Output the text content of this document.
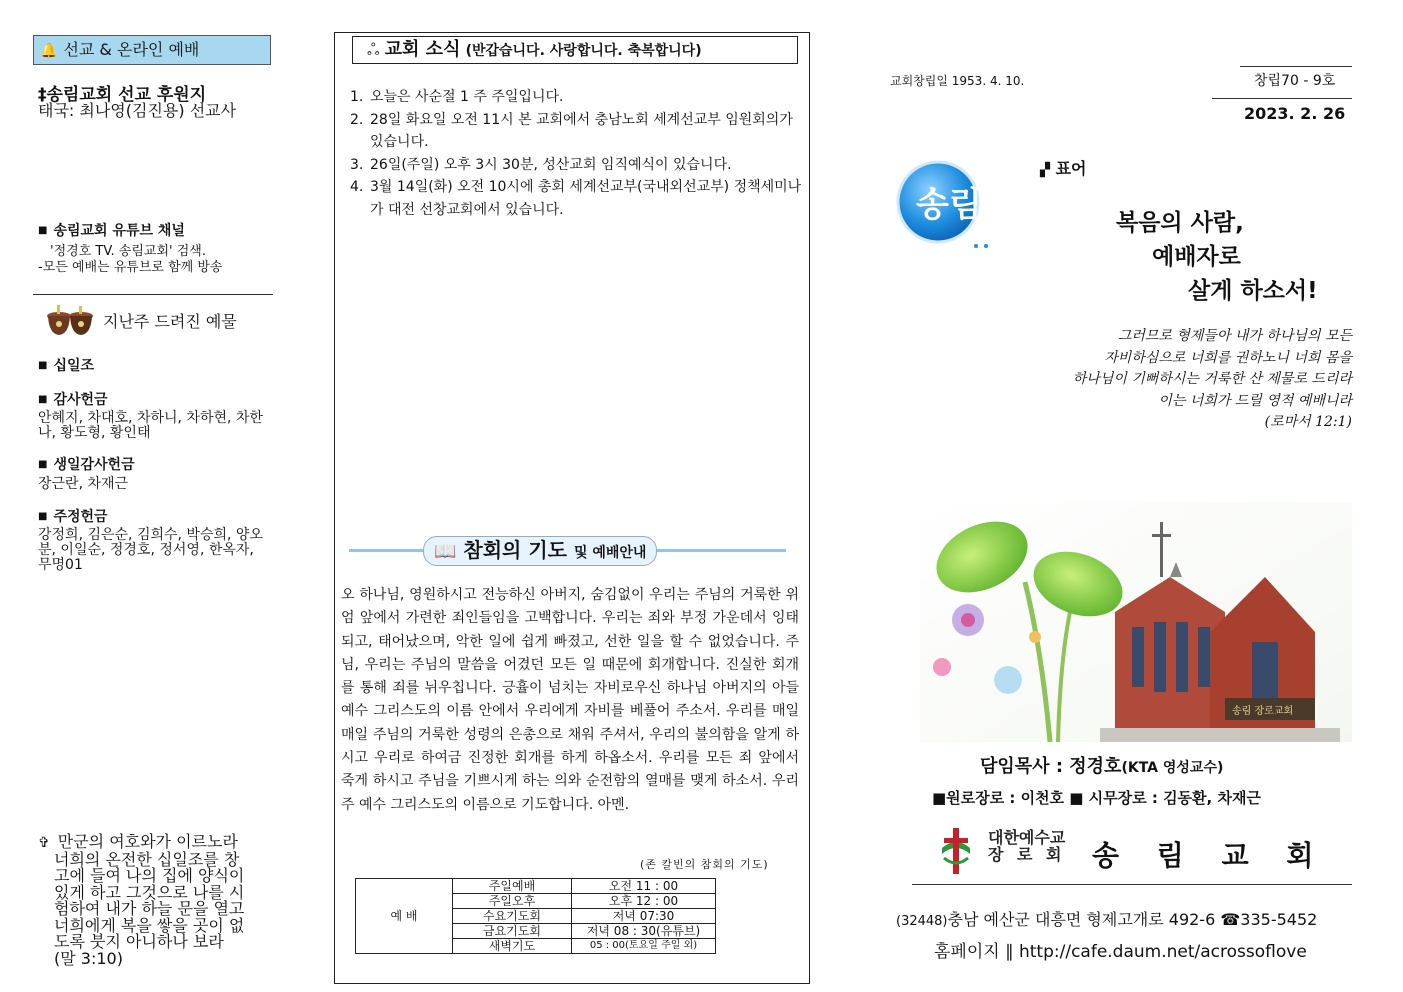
🔔 선교 & 온라인 예배
‡송림교회 선교 후원지
태국: 최나영(김진용) 선교사
■ 송림교회 유튜브 채널
'정경호 TV. 송림교회' 검색.
-모든 예배는 유튜브로 함께 방송
지난주 드려진 예물
■ 십일조
■ 감사헌금
안혜지, 차대호, 차하니, 차하현, 차한나, 황도형, 황인태
■ 생일감사헌금
장근란, 차재근
■ 주정헌금
강정희, 김은순, 김희수, 박승희, 양오분, 이일순, 정경호, 정서영, 한옥자, 무명01
✞ 만군의 여호와가 이르노라
너희의 온전한 십일조를 창
고에 들여 나의 집에 양식이
있게 하고 그것으로 나를 시
험하여 내가 하늘 문을 열고
너희에게 복을 쌓을 곳이 없
도록 붓지 아니하나 보라
(말 3:10)
ஃ 교회 소식 (반갑습니다. 사랑합니다. 축복합니다)
1. 오늘은 사순절 1 주 주일입니다.
2. 28일 화요일 오전 11시 본 교회에서 충남노회 세계선교부 임원회의가 있습니다.
3. 26일(주일) 오후 3시 30분, 성산교회 임직예식이 있습니다.
4. 3월 14일(화) 오전 10시에 총회 세계선교부(국내외선교부) 정책세미나가 대전 선창교회에서 있습니다.
📖 참회의 기도 및 예배안내
오 하나님, 영원하시고 전능하신 아버지, 숨김없이 우리는 주님의 거룩한 위엄 앞에서 가련한 죄인들임을 고백합니다. 우리는 죄와 부정 가운데서 잉태되고, 태어났으며, 악한 일에 쉽게 빠졌고, 선한 일을 할 수 없었습니다. 주님, 우리는 주님의 말씀을 어겼던 모든 일 때문에 회개합니다. 진실한 회개를 통해 죄를 뉘우칩니다. 긍휼이 넘치는 자비로우신 하나님 아버지의 아들 예수 그리스도의 이름 안에서 우리에게 자비를 베풀어 주소서. 우리를 매일매일 주님의 거룩한 성령의 은총으로 채워 주셔서, 우리의 불의함을 알게 하시고 우리로 하여금 진정한 회개를 하게 하옵소서. 우리를 모든 죄 앞에서 죽게 하시고 주님을 기쁘시게 하는 의와 순전함의 열매를 맺게 하소서. 우리 주 예수 그리스도의 이름으로 기도합니다. 아멘.
(존 칼빈의 참회의 기도)
예 배	주일예배	오전 11 : 00
	주일오후	오후 12 : 00
	수요기도회	저녁 07:30
	금요기도회	저녁 08 : 30(유튜브)
	새벽기도	05 : 00(토요일 주일 외)
교회창립일 1953. 4. 10.	창립70 - 9호
2023. 2. 26
송림
▞ 표어
복음의 사람,
예배자로
살게 하소서!
그러므로 형제들아 내가 하나님의 모든
자비하심으로 너희를 권하노니 너희 몸을
하나님이 기뻐하시는 거룩한 산 제물로 드리라
이는 너희가 드릴 영적 예배니라
(로마서 12:1)
송림 장로교회
담임목사 : 정경호(KTA 영성교수)
■원로장로 : 이천호 ■ 시무장로 : 김동환, 차재근
대한예수교
장 로 회 송 림 교 회
(32448)충남 예산군 대흥면 형제고개로 492-6 ☎335-5452
홈페이지 ∥ http://cafe.daum.net/acrossoflove
